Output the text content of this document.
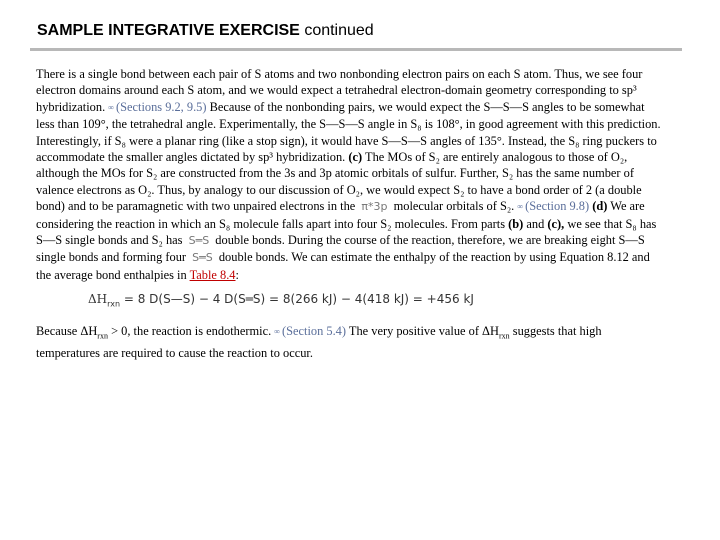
SAMPLE INTEGRATIVE EXERCISE continued

There is a single bond between each pair of S atoms and two nonbonding electron pairs on each S atom. Thus, we see four electron domains around each S atom, and we would expect a tetrahedral electron-domain geometry corresponding to sp³ hybridization. ∞ (Sections 9.2, 9.5) Because of the nonbonding pairs, we would expect the S—S—S angles to be somewhat less than 109°, the tetrahedral angle. Experimentally, the S—S—S angle in S₈ is 108°, in good agreement with this prediction. Interestingly, if S₈ were a planar ring (like a stop sign), it would have S—S—S angles of 135°. Instead, the S₈ ring puckers to accommodate the smaller angles dictated by sp³ hybridization. (c) The MOs of S₂ are entirely analogous to those of O₂, although the MOs for S₂ are constructed from the 3s and 3p atomic orbitals of sulfur. Further, S₂ has the same number of valence electrons as O₂. Thus, by analogy to our discussion of O₂, we would expect S₂ to have a bond order of 2 (a double bond) and to be paramagnetic with two unpaired electrons in the π*3p molecular orbitals of S₂. ∞ (Section 9.8) (d) We are considering the reaction in which an S₈ molecule falls apart into four S₂ molecules. From parts (b) and (c), we see that S₈ has S—S single bonds and S₂ has S═S double bonds. During the course of the reaction, therefore, we are breaking eight S—S single bonds and forming four S═S double bonds. We can estimate the enthalpy of the reaction by using Equation 8.12 and the average bond enthalpies in Table 8.4:

$\Delta H_{rxn} = 8$ D(S—S) − 4 D(S═S) = 8(266 kJ) − 4(418 kJ) = +456 kJ

Because $\Delta H_{rxn} > 0$, the reaction is endothermic. ∞ (Section 5.4) The very positive value of $\Delta H_{rxn}$ suggests that high temperatures are required to cause the reaction to occur.
